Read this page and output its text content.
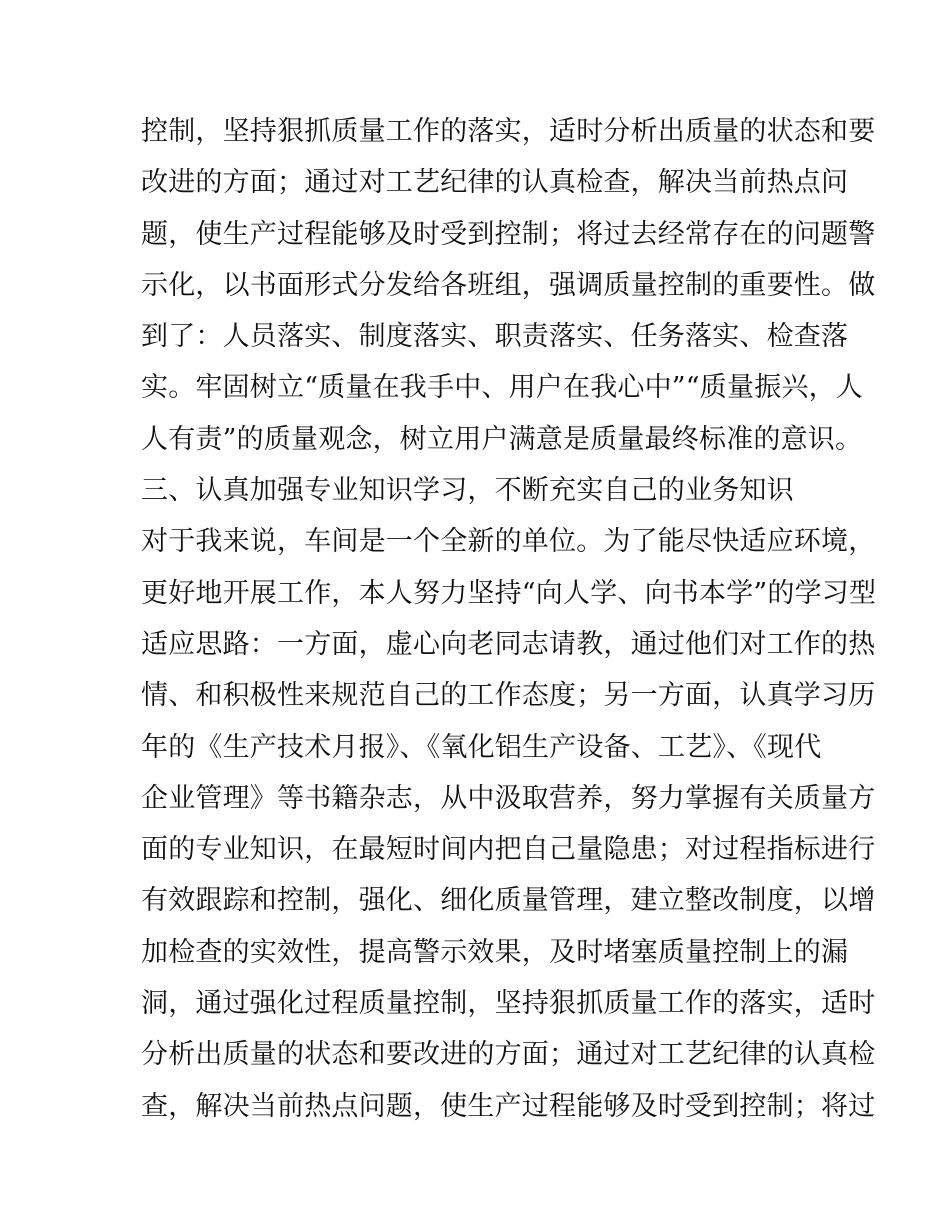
控制，坚持狠抓质量工作的落实，适时分析出质量的状态和要
改进的方面；通过对工艺纪律的认真检查，解决当前热点问
题，使生产过程能够及时受到控制；将过去经常存在的问题警
示化，以书面形式分发给各班组，强调质量控制的重要性。做
到了：人员落实、制度落实、职责落实、任务落实、检查落
实。牢固树立“质量在我手中、用户在我心中”“质量振兴，人
人有责”的质量观念，树立用户满意是质量最终标准的意识。
三、认真加强专业知识学习，不断充实自己的业务知识
对于我来说，车间是一个全新的单位。为了能尽快适应环境，
更好地开展工作，本人努力坚持“向人学、向书本学”的学习型
适应思路：一方面，虚心向老同志请教，通过他们对工作的热
情、和积极性来规范自己的工作态度；另一方面，认真学习历
年的《生产技术月报》、《氧化铝生产设备、工艺》、《现代
企业管理》等书籍杂志，从中汲取营养，努力掌握有关质量方
面的专业知识，在最短时间内把自己量隐患；对过程指标进行
有效跟踪和控制，强化、细化质量管理，建立整改制度，以增
加检查的实效性，提高警示效果，及时堵塞质量控制上的漏
洞，通过强化过程质量控制，坚持狠抓质量工作的落实，适时
分析出质量的状态和要改进的方面；通过对工艺纪律的认真检
查，解决当前热点问题，使生产过程能够及时受到控制；将过
